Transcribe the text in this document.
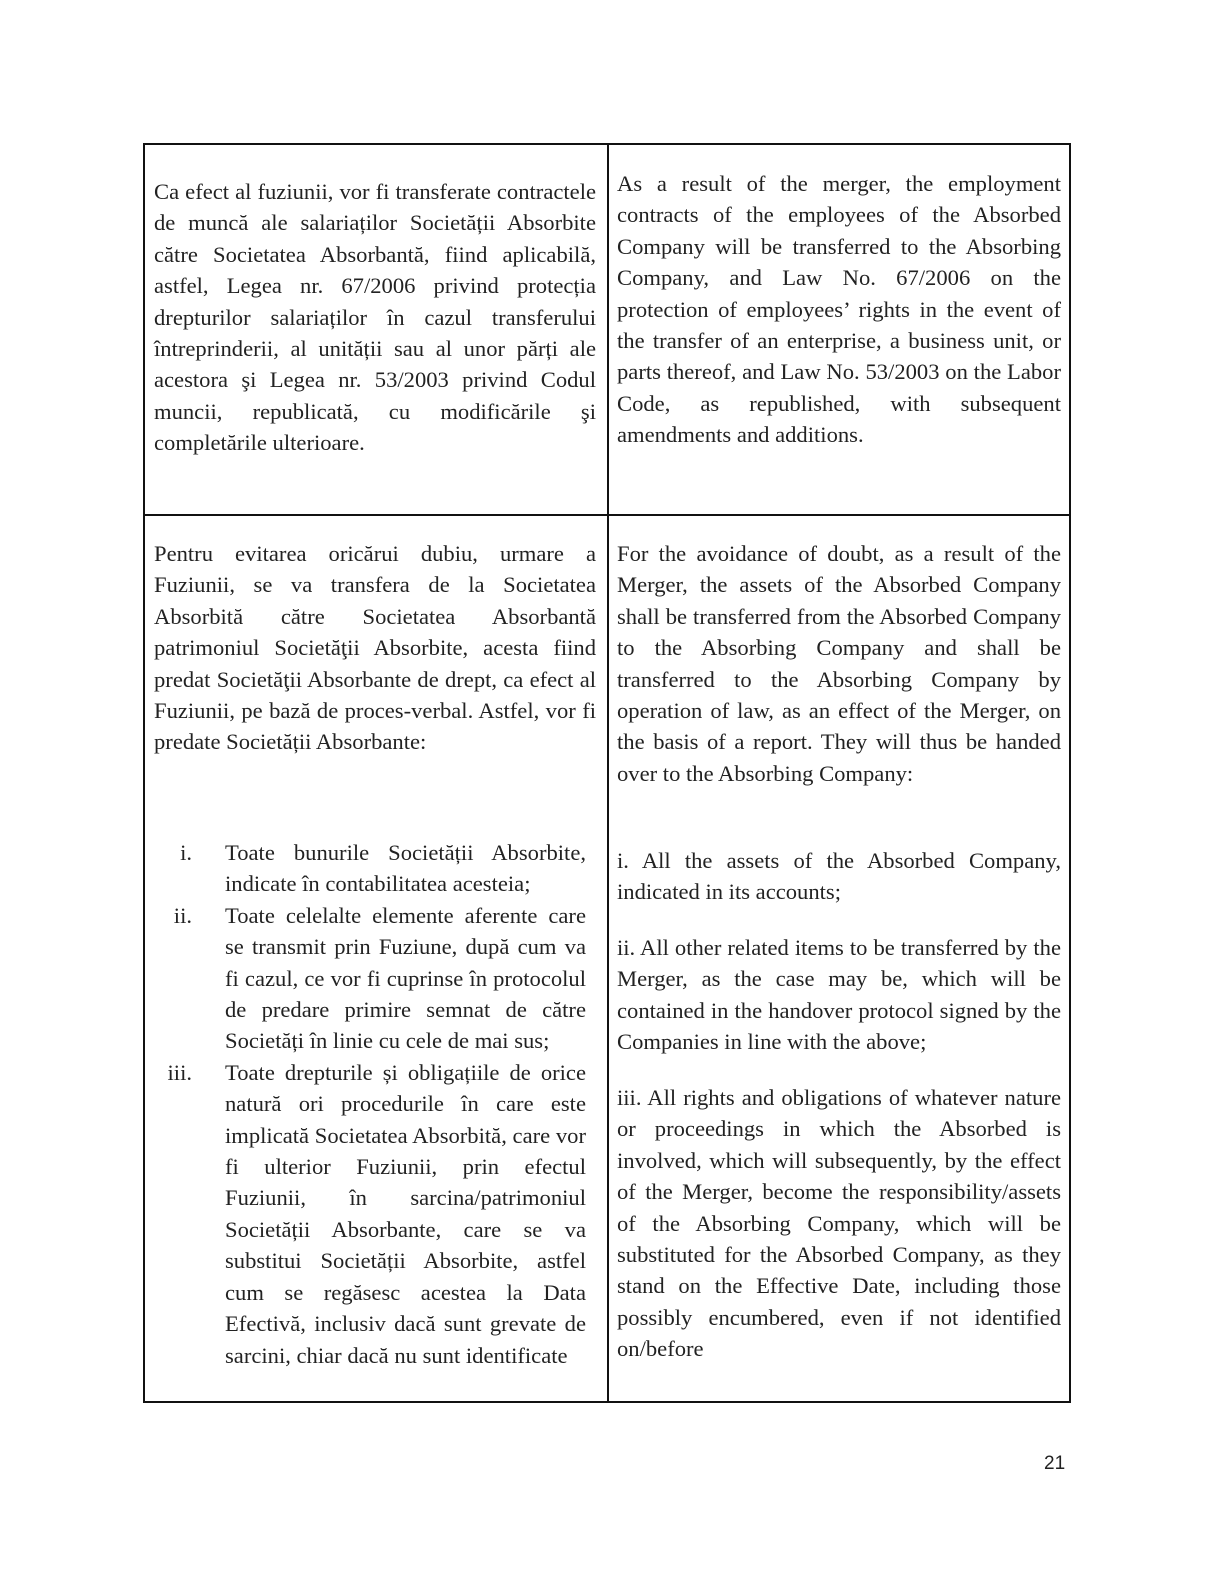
Ca efect al fuziunii, vor fi transferate contractele de muncă ale salariaților Societății Absorbite către Societatea Absorbantă, fiind aplicabilă, astfel, Legea nr. 67/2006 privind protecția drepturilor salariaților în cazul transferului întreprinderii, al unității sau al unor părți ale acestora şi Legea nr. 53/2003 privind Codul muncii, republicată, cu modificările şi completările ulterioare.

As a result of the merger, the employment contracts of the employees of the Absorbed Company will be transferred to the Absorbing Company, and Law No. 67/2006 on the protection of employees’ rights in the event of the transfer of an enterprise, a business unit, or parts thereof, and Law No. 53/2003 on the Labor Code, as republished, with subsequent amendments and additions.

Pentru evitarea oricărui dubiu, urmare a Fuziunii, se va transfera de la Societatea Absorbită către Societatea Absorbantă patrimoniul Societăţii Absorbite, acesta fiind predat Societăţii Absorbante de drept, ca efect al Fuziunii, pe bază de proces-verbal. Astfel, vor fi predate Societății Absorbante:

For the avoidance of doubt, as a result of the Merger, the assets of the Absorbed Company shall be transferred from the Absorbed Company to the Absorbing Company and shall be transferred to the Absorbing Company by operation of law, as an effect of the Merger, on the basis of a report. They will thus be handed over to the Absorbing Company:

i. Toate bunurile Societății Absorbite, indicate în contabilitatea acesteia;
ii. Toate celelalte elemente aferente care se transmit prin Fuziune, după cum va fi cazul, ce vor fi cuprinse în protocolul de predare primire semnat de către Societăți în linie cu cele de mai sus;
iii. Toate drepturile și obligațiile de orice natură ori procedurile în care este implicată Societatea Absorbită, care vor fi ulterior Fuziunii, prin efectul Fuziunii, în sarcina/patrimoniul Societății Absorbante, care se va substitui Societății Absorbite, astfel cum se regăsesc acestea la Data Efectivă, inclusiv dacă sunt grevate de sarcini, chiar dacă nu sunt identificate

i. All the assets of the Absorbed Company, indicated in its accounts;

ii. All other related items to be transferred by the Merger, as the case may be, which will be contained in the handover protocol signed by the Companies in line with the above;

iii. All rights and obligations of whatever nature or proceedings in which the Absorbed is involved, which will subsequently, by the effect of the Merger, become the responsibility/assets of the Absorbing Company, which will be substituted for the Absorbed Company, as they stand on the Effective Date, including those possibly encumbered, even if not identified on/before

21
